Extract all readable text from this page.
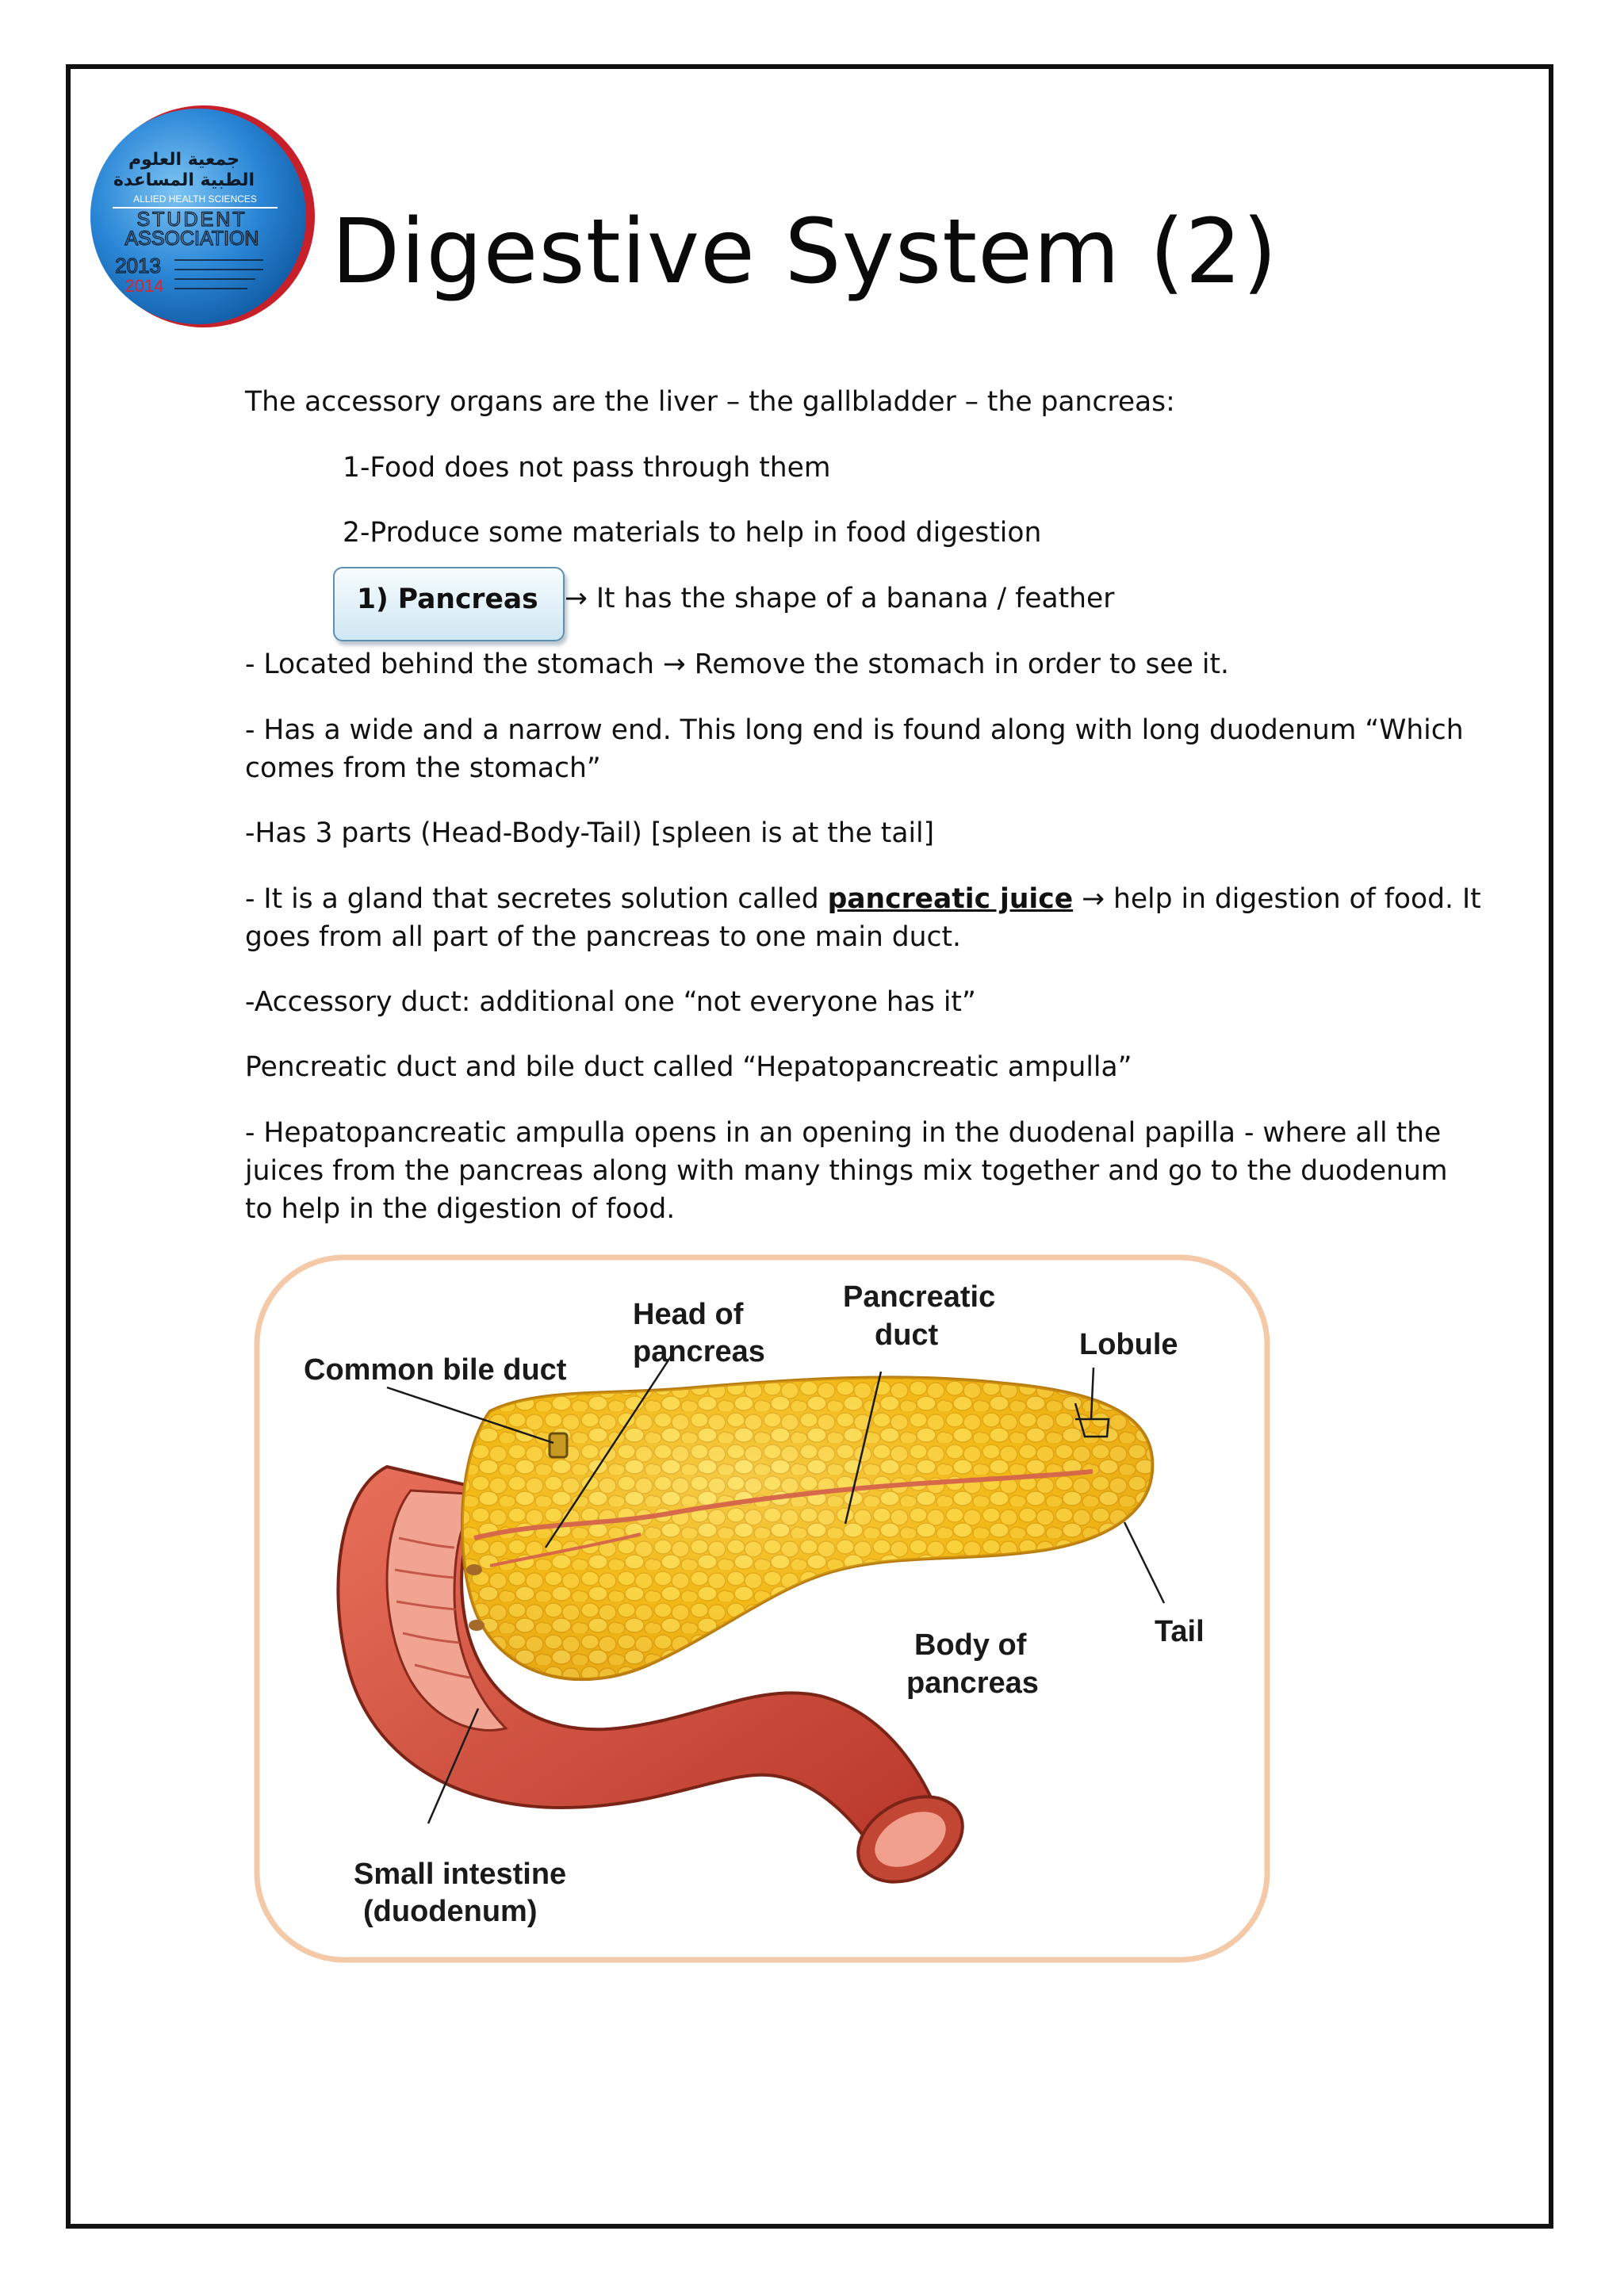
جمعية العلوم
الطبية المساعدة
ALLIED HEALTH SCIENCES
STUDENT
ASSOCIATION
2013
2014 Digestive System (2)

The accessory organs are the liver – the gallbladder – the pancreas:

1-Food does not pass through them

2-Produce some materials to help in food digestion

1) Pancreas → It has the shape of a banana / feather

- Located behind the stomach → Remove the stomach in order to see it.

- Has a wide and a narrow end. This long end is found along with long duodenum “Which comes from the stomach”

-Has 3 parts (Head-Body-Tail) [spleen is at the tail]

- It is a gland that secretes solution called pancreatic juice → help in digestion of food. It goes from all part of the pancreas to one main duct.

-Accessory duct: additional one “not everyone has it”

Pencreatic duct and bile duct called “Hepatopancreatic ampulla”

- Hepatopancreatic ampulla opens in an opening in the duodenal papilla - where all the juices from the pancreas along with many things mix together and go to the duodenum to help in the digestion of food.

Common bile duct
Head of
pancreas
Pancreatic
duct	Lobule
Tail
Body of
pancreas
Small intestine
(duodenum)
